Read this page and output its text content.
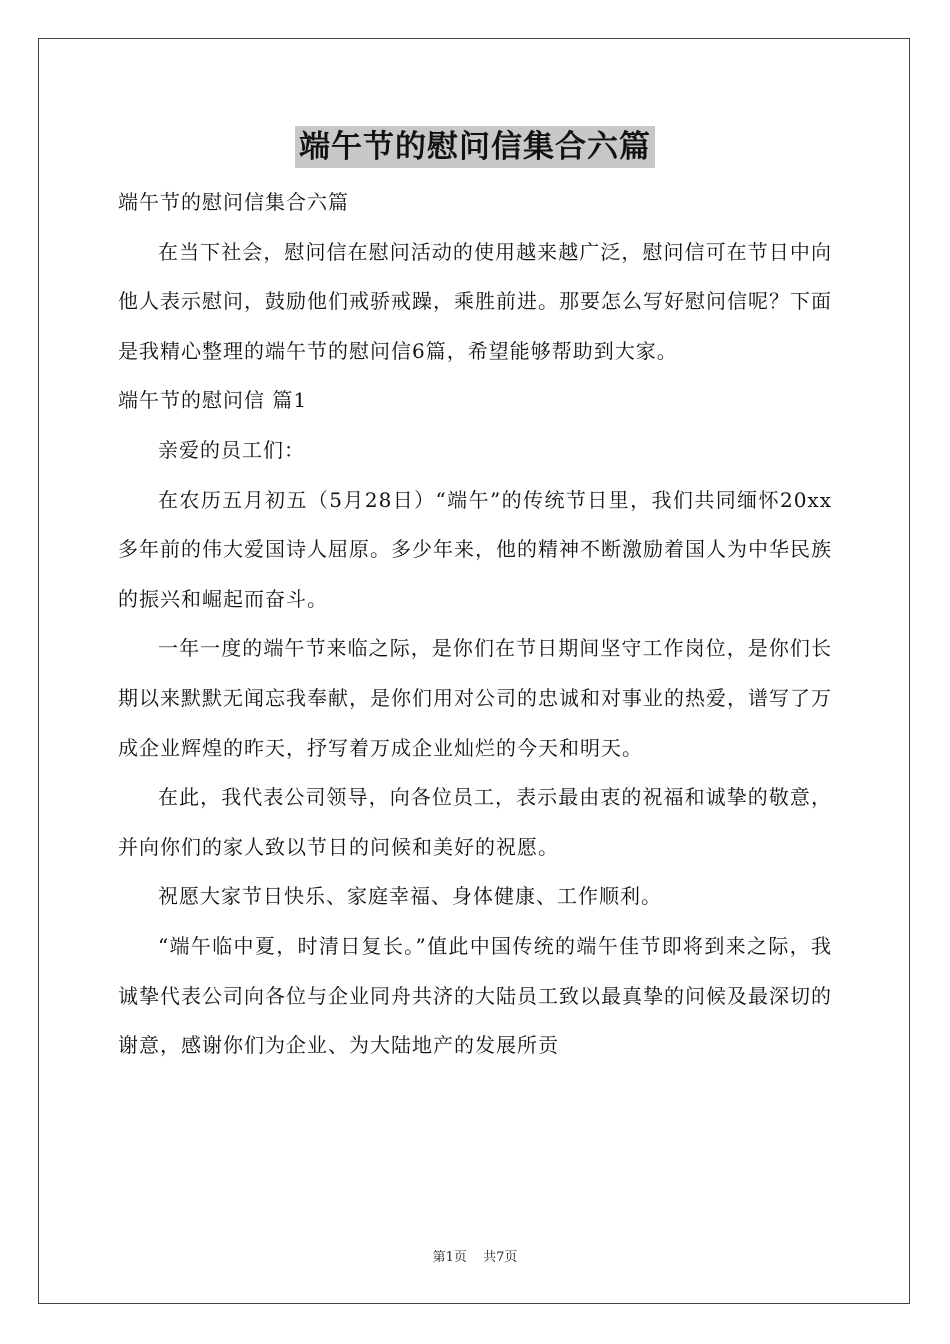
端午节的慰问信集合六篇

端午节的慰问信集合六篇

在当下社会，慰问信在慰问活动的使用越来越广泛，慰问信可在节日中向他人表示慰问，鼓励他们戒骄戒躁，乘胜前进。那要怎么写好慰问信呢？下面是我精心整理的端午节的慰问信6篇，希望能够帮助到大家。

端午节的慰问信 篇1

亲爱的员工们：

在农历五月初五（5月28日）“端午”的传统节日里，我们共同缅怀20xx多年前的伟大爱国诗人屈原。多少年来，他的精神不断激励着国人为中华民族的振兴和崛起而奋斗。

一年一度的端午节来临之际，是你们在节日期间坚守工作岗位，是你们长期以来默默无闻忘我奉献，是你们用对公司的忠诚和对事业的热爱，谱写了万成企业辉煌的昨天，抒写着万成企业灿烂的今天和明天。

在此，我代表公司领导，向各位员工，表示最由衷的祝福和诚挚的敬意，并向你们的家人致以节日的问候和美好的祝愿。

祝愿大家节日快乐、家庭幸福、身体健康、工作顺利。

“端午临中夏，时清日复长。”值此中国传统的端午佳节即将到来之际，我诚挚代表公司向各位与企业同舟共济的大陆员工致以最真挚的问候及最深切的谢意，感谢你们为企业、为大陆地产的发展所贡

第1页 共7页
